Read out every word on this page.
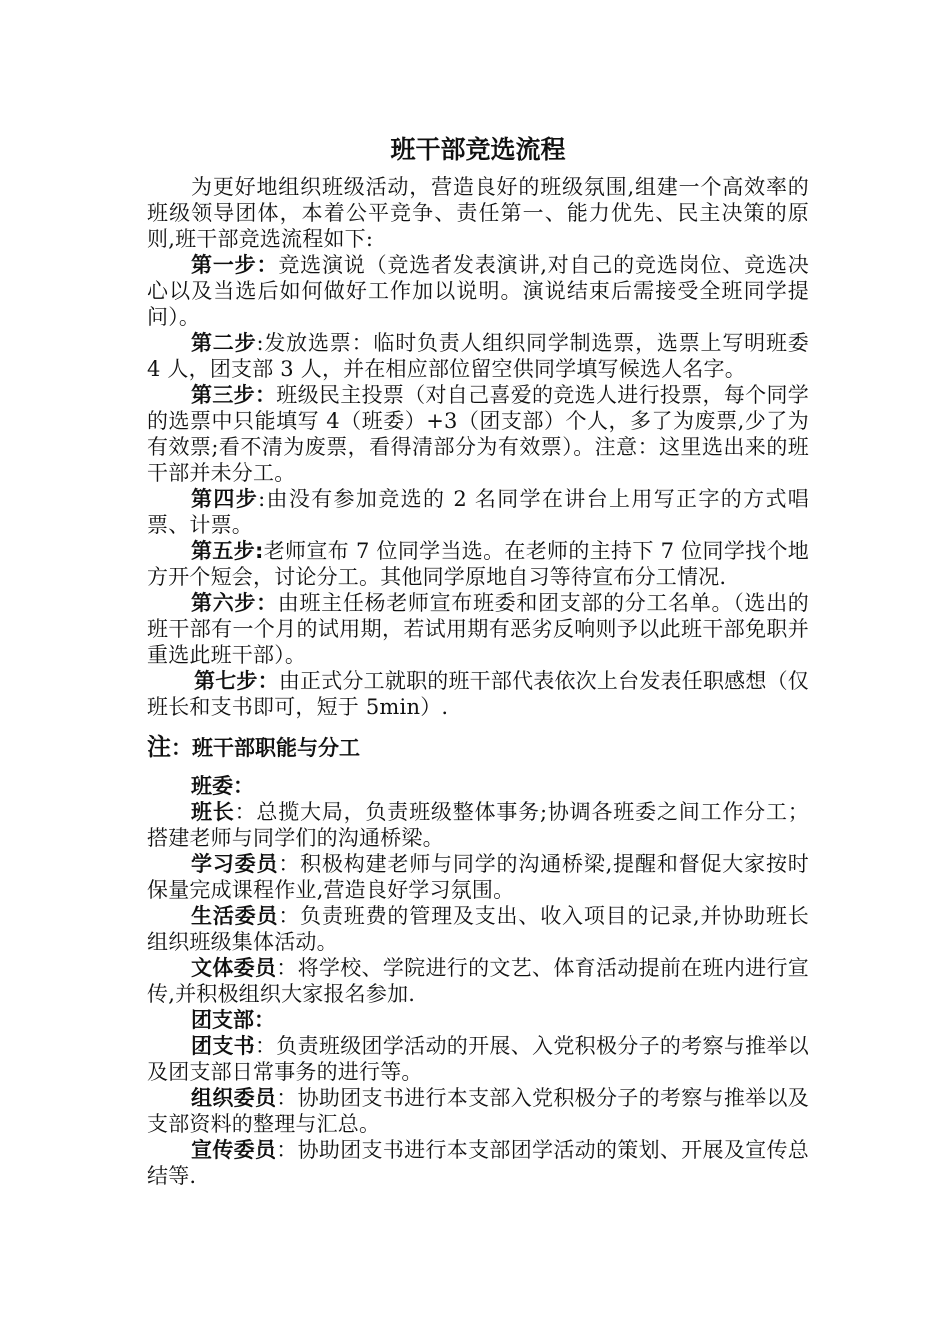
班干部竞选流程

为更好地组织班级活动，营造良好的班级氛围,组建一个高效率的班级领导团体，本着公平竞争、责任第一、能力优先、民主决策的原则,班干部竞选流程如下:

第一步：竞选演说（竞选者发表演讲,对自己的竞选岗位、竞选决心以及当选后如何做好工作加以说明。演说结束后需接受全班同学提问）。

第二步:发放选票：临时负责人组织同学制选票，选票上写明班委 4 人，团支部 3 人，并在相应部位留空供同学填写候选人名字。

第三步：班级民主投票（对自己喜爱的竞选人进行投票，每个同学的选票中只能填写 4（班委）+3（团支部）个人，多了为废票,少了为有效票;看不清为废票，看得清部分为有效票）。注意：这里选出来的班干部并未分工。

第四步:由没有参加竞选的 2 名同学在讲台上用写正字的方式唱票、计票。

第五步:老师宣布 7 位同学当选。在老师的主持下 7 位同学找个地方开个短会，讨论分工。其他同学原地自习等待宣布分工情况.

第六步：由班主任杨老师宣布班委和团支部的分工名单。（选出的班干部有一个月的试用期，若试用期有恶劣反响则予以此班干部免职并重选此班干部）。

第七步：由正式分工就职的班干部代表依次上台发表任职感想（仅班长和支书即可，短于 5min）.

注：班干部职能与分工

班委：

班长：总揽大局，负责班级整体事务;协调各班委之间工作分工；搭建老师与同学们的沟通桥梁。

学习委员：积极构建老师与同学的沟通桥梁,提醒和督促大家按时保量完成课程作业,营造良好学习氛围。

生活委员：负责班费的管理及支出、收入项目的记录,并协助班长组织班级集体活动。

文体委员：将学校、学院进行的文艺、体育活动提前在班内进行宣传,并积极组织大家报名参加.

团支部：

团支书：负责班级团学活动的开展、入党积极分子的考察与推举以及团支部日常事务的进行等。

组织委员：协助团支书进行本支部入党积极分子的考察与推举以及支部资料的整理与汇总。

宣传委员：协助团支书进行本支部团学活动的策划、开展及宣传总结等.
